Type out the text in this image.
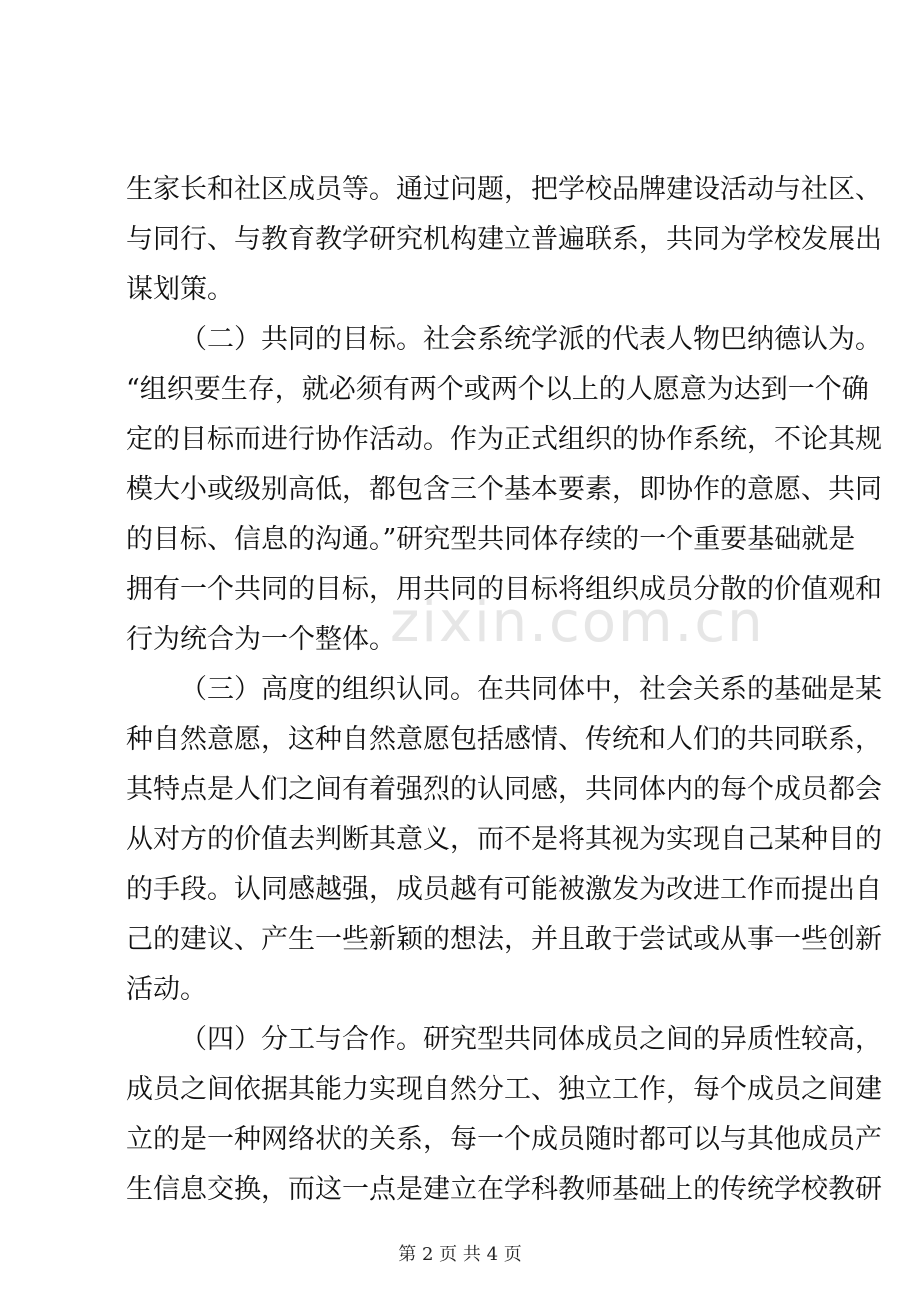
zixin.com.cn
生家长和社区成员等。通过问题，把学校品牌建设活动与社区、
与同行、与教育教学研究机构建立普遍联系，共同为学校发展出
谋划策。
（二）共同的目标。社会系统学派的代表人物巴纳德认为。
“组织要生存，就必须有两个或两个以上的人愿意为达到一个确
定的目标而进行协作活动。作为正式组织的协作系统，不论其规
模大小或级别高低，都包含三个基本要素，即协作的意愿、共同
的目标、信息的沟通。”研究型共同体存续的一个重要基础就是
拥有一个共同的目标，用共同的目标将组织成员分散的价值观和
行为统合为一个整体。
（三）高度的组织认同。在共同体中，社会关系的基础是某
种自然意愿，这种自然意愿包括感情、传统和人们的共同联系，
其特点是人们之间有着强烈的认同感，共同体内的每个成员都会
从对方的价值去判断其意义，而不是将其视为实现自己某种目的
的手段。认同感越强，成员越有可能被激发为改进工作而提出自
己的建议、产生一些新颖的想法，并且敢于尝试或从事一些创新
活动。
（四）分工与合作。研究型共同体成员之间的异质性较高，
成员之间依据其能力实现自然分工、独立工作，每个成员之间建
立的是一种网络状的关系，每一个成员随时都可以与其他成员产
生信息交换，而这一点是建立在学科教师基础上的传统学校教研
第 2 页 共 4 页
